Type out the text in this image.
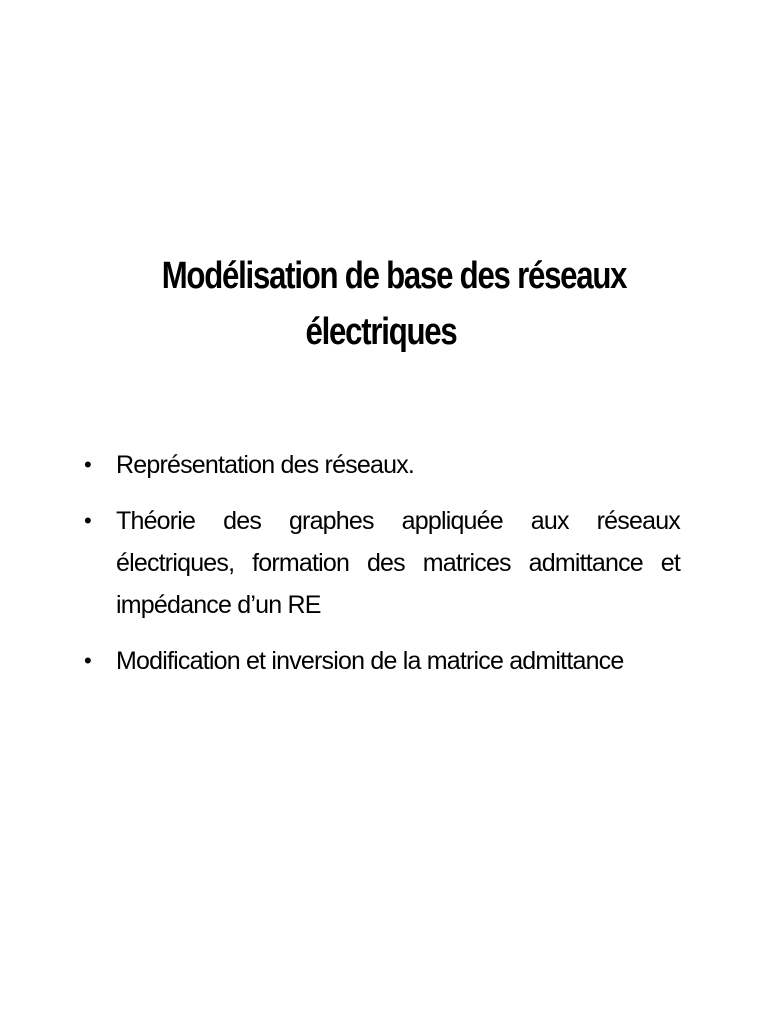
Modélisation de base des réseaux
électriques
• Représentation des réseaux.
• Théorie des graphes appliquée aux réseaux électriques, formation des matrices admittance et impédance d’un RE
• Modification et inversion de la matrice admittance
